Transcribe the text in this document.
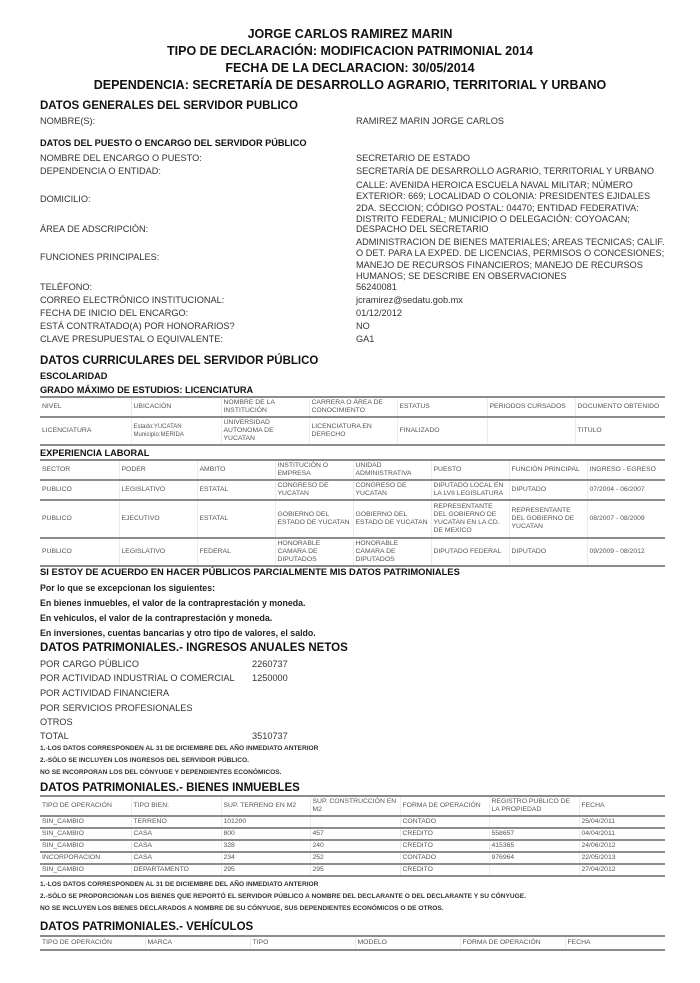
JORGE CARLOS RAMIREZ MARIN
TIPO DE DECLARACIÓN: MODIFICACION PATRIMONIAL 2014
FECHA DE LA DECLARACION: 30/05/2014
DEPENDENCIA: SECRETARÍA DE DESARROLLO AGRARIO, TERRITORIAL Y URBANO
DATOS GENERALES DEL SERVIDOR PUBLICO
NOMBRE(S):	RAMIREZ MARIN JORGE CARLOS
DATOS DEL PUESTO O ENCARGO DEL SERVIDOR PÚBLICO
NOMBRE DEL ENCARGO O PUESTO:	SECRETARIO DE ESTADO
DEPENDENCIA O ENTIDAD:	SECRETARÍA DE DESARROLLO AGRARIO, TERRITORIAL Y URBANO
DOMICILIO:
CALLE: AVENIDA HEROICA ESCUELA NAVAL MILITAR; NÚMERO EXTERIOR: 669; LOCALIDAD O COLONIA: PRESIDENTES EJIDALES 2DA. SECCION; CÓDIGO POSTAL: 04470; ENTIDAD FEDERATIVA: DISTRITO FEDERAL; MUNICIPIO O DELEGACIÓN: COYOACAN;
ÁREA DE ADSCRIPCIÓN:	DESPACHO DEL SECRETARIO
FUNCIONES PRINCIPALES:
ADMINISTRACION DE BIENES MATERIALES; AREAS TECNICAS; CALIF. O DET. PARA LA EXPED. DE LICENCIAS, PERMISOS O CONCESIONES; MANEJO DE RECURSOS FINANCIEROS; MANEJO DE RECURSOS HUMANOS; SE DESCRIBE EN OBSERVACIONES
TELÉFONO:	56240081
CORREO ELECTRÓNICO INSTITUCIONAL:	jcramirez@sedatu.gob.mx
FECHA DE INICIO DEL ENCARGO:	01/12/2012
ESTÁ CONTRATADO(A) POR HONORARIOS?	NO
CLAVE PRESUPUESTAL O EQUIVALENTE:	GA1
DATOS CURRICULARES DEL SERVIDOR PÚBLICO
ESCOLARIDAD
GRADO MÁXIMO DE ESTUDIOS: LICENCIATURA
NIVEL	UBICACIÓN	NOMBRE DE LA INSTITUCIÓN	CARRERA O ÁREA DE CONOCIMIENTO	ESTATUS	PERIODOS CURSADOS	DOCUMENTO OBTENIDO
LICENCIATURA	Estado:YUCATAN Municipio:MERIDA	UNIVERSIDAD AUTONOMA DE YUCATAN	LICENCIATURA EN DERECHO	FINALIZADO		TITULO
EXPERIENCIA LABORAL
SECTOR	PODER	AMBITO	INSTITUCIÓN O EMPRESA	UNIDAD ADMINISTRATIVA	PUESTO	FUNCIÓN PRINCIPAL	INGRESO - EGRESO
PUBLICO	LEGISLATIVO	ESTATAL	CONGRESO DE YUCATAN	CONGRESO DE YUCATAN	DIPUTADO LOCAL EN LA LVII LEGISLATURA	DIPUTADO	07/2004 - 06/2007
PUBLICO	EJECUTIVO	ESTATAL	GOBIERNO DEL ESTADO DE YUCATAN	GOBIERNO DEL ESTADO DE YUCATAN	REPRESENTANTE DEL GOBIERNO DE YUCATAN EN LA CD. DE MEXICO	REPRESENTANTE DEL GOBIERNO DE YUCATAN	08/2007 - 08/2009
PUBLICO	LEGISLATIVO	FEDERAL	HONORABLE CAMARA DE DIPUTADOS	HONORABLE CAMARA DE DIPUTADOS	DIPUTADO FEDERAL	DIPUTADO	09/2009 - 08/2012
SI ESTOY DE ACUERDO EN HACER PÚBLICOS PARCIALMENTE MIS DATOS PATRIMONIALES
Por lo que se excepcionan los siguientes:
En bienes inmuebles, el valor de la contraprestación y moneda.
En vehiculos, el valor de la contraprestación y moneda.
En inversiones, cuentas bancarias y otro tipo de valores, el saldo.
DATOS PATRIMONIALES.- INGRESOS ANUALES NETOS
POR CARGO PÚBLICO	2260737
POR ACTIVIDAD INDUSTRIAL O COMERCIAL 1250000
POR ACTIVIDAD FINANCIERA
POR SERVICIOS PROFESIONALES
OTROS
TOTAL	3510737
1.-LOS DATOS CORRESPONDEN AL 31 DE DICIEMBRE DEL AÑO INMEDIATO ANTERIOR
2.-SÓLO SE INCLUYEN LOS INGRESOS DEL SERVIDOR PÚBLICO.
NO SE INCORPORAN LOS DEL CÓNYUGE Y DEPENDIENTES ECONÓMICOS.
DATOS PATRIMONIALES.- BIENES INMUEBLES
TIPO DE OPERACIÓN	TIPO BIEN:	SUP. TERRENO EN M2	SUP. CONSTRUCCIÓN EN M2	FORMA DE OPERACIÓN	REGISTRO PUBLICO DE LA PROPIEDAD	FECHA
SIN_CAMBIO	TERRENO	101200		CONTADO		25/04/2011
SIN_CAMBIO	CASA	800	457	CREDITO	558657	04/04/2011
SIN_CAMBIO	CASA	328	240	CREDITO	415365	24/06/2012
INCORPORACION	CASA	234	252	CONTADO	976964	22/05/2013
SIN_CAMBIO	DEPARTAMENTO	295	295	CREDITO		27/04/2012
1.-LOS DATOS CORRESPONDEN AL 31 DE DICIEMBRE DEL AÑO INMEDIATO ANTERIOR
2.-SÓLO SE PROPORCIONAN LOS BIENES QUE REPORTÓ EL SERVIDOR PÚBLICO A NOMBRE DEL DECLARANTE O DEL DECLARANTE Y SU CÓNYUGE.
NO SE INCLUYEN LOS BIENES DECLARADOS A NOMBRE DE SU CÓNYUGE, SUS DEPENDIENTES ECONÓMICOS O DE OTROS.
DATOS PATRIMONIALES.- VEHÍCULOS
TIPO DE OPERACIÓN	MARCA	TIPO	MODELO	FORMA DE OPERACIÓN	FECHA
